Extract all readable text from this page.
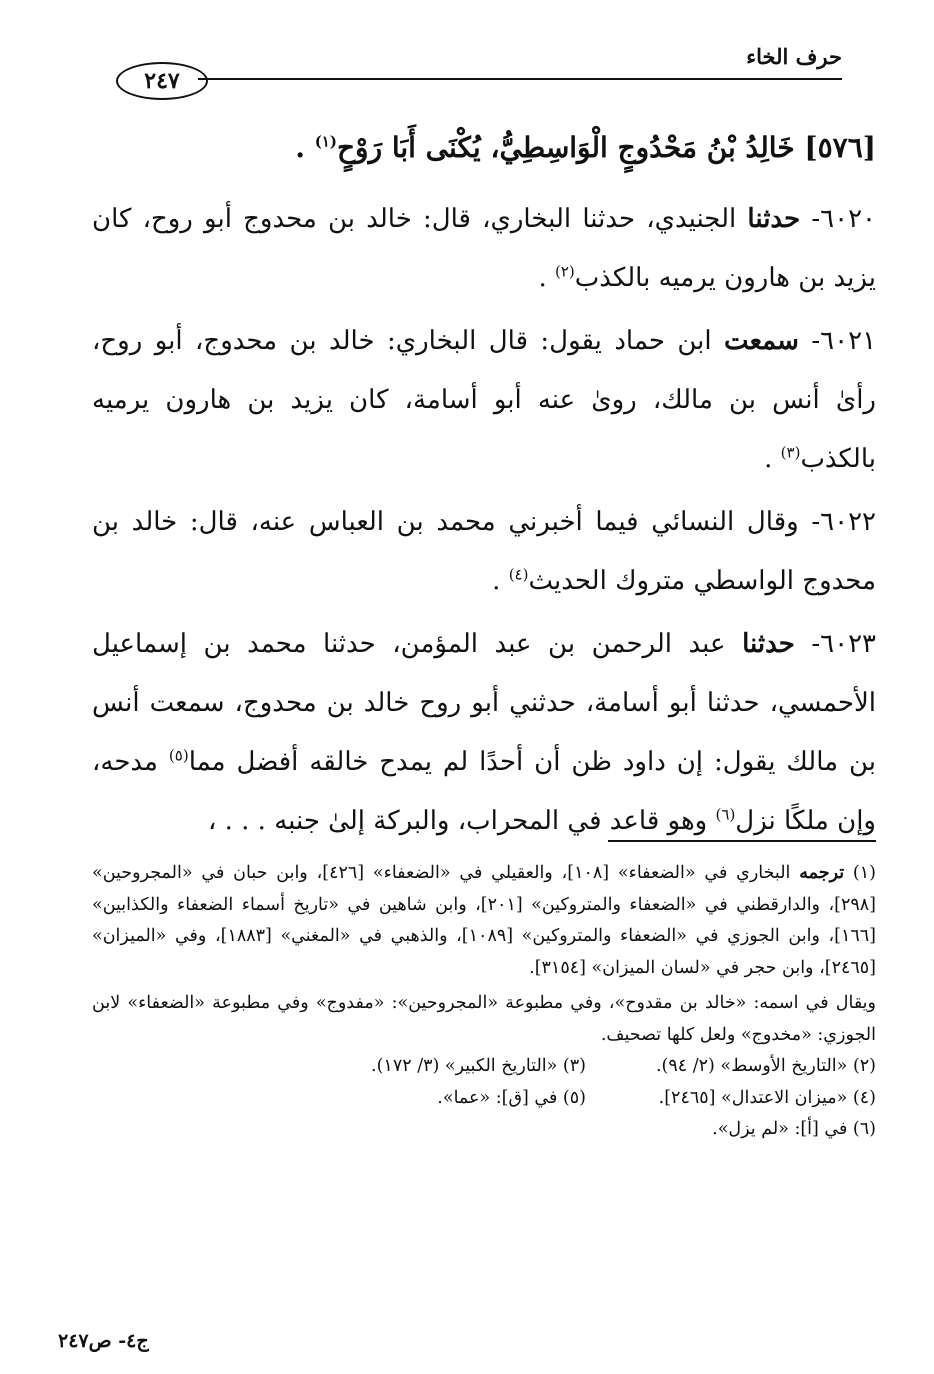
حرف الخاء
٢٤٧
[٥٧٦] خَالِدُ بْنُ مَحْدُوجٍ الْوَاسِطِيُّ، يُكْنَى أَبَا رَوْحٍ$^{(١)}$ .

٦٠٢٠- حدثنا الجنيدي، حدثنا البخاري، قال: خالد بن محدوج أبو روح، كان يزيد بن هارون يرميه بالكذب$^{(٢)}$ .

٦٠٢١- سمعت ابن حماد يقول: قال البخاري: خالد بن محدوج، أبو روح، رأىٰ أنس بن مالك، روىٰ عنه أبو أسامة، كان يزيد بن هارون يرميه بالكذب$^{(٣)}$ .

٦٠٢٢- وقال النسائي فيما أخبرني محمد بن العباس عنه، قال: خالد بن محدوج الواسطي متروك الحديث$^{(٤)}$ .

٦٠٢٣- حدثنا عبد الرحمن بن عبد المؤمن، حدثنا محمد بن إسماعيل الأحمسي، حدثنا أبو أسامة، حدثني أبو روح خالد بن محدوج، سمعت أنس بن مالك يقول: إن داود ظن أن أحدًا لم يمدح خالقه أفضل مما$^{(٥)}$ مدحه، وإن ملكًا نزل$^{(٦)}$ وهو قاعد في المحراب، والبركة إلىٰ جنبه . . . ،

(١) ترجمه البخاري في «الضعفاء» [١٠٨]، والعقيلي في «الضعفاء» [٤٢٦]، وابن حبان في «المجروحين» [٢٩٨]، والدارقطني في «الضعفاء والمتروكين» [٢٠١]، وابن شاهين في «تاريخ أسماء الضعفاء والكذابين» [١٦٦]، وابن الجوزي في «الضعفاء والمتروكين» [١٠٨٩]، والذهبي في «المغني» [١٨٨٣]، وفي «الميزان» [٢٤٦٥]، وابن حجر في «لسان الميزان» [٣١٥٤].

ويقال في اسمه: «خالد بن مقدوح»، وفي مطبوعة «المجروحين»: «مفدوج» وفي مطبوعة «الضعفاء» لابن الجوزي: «مخدوج» ولعل كلها تصحيف.

(٢) «التاريخ الأوسط» (٢/ ٩٤).
(٣) «التاريخ الكبير» (٣/ ١٧٢).
(٤) «ميزان الاعتدال» [٢٤٦٥].
(٥) في [ق]: «عما».
(٦) في [أ]: «لم يزل».
ج٤- ص٢٤٧
